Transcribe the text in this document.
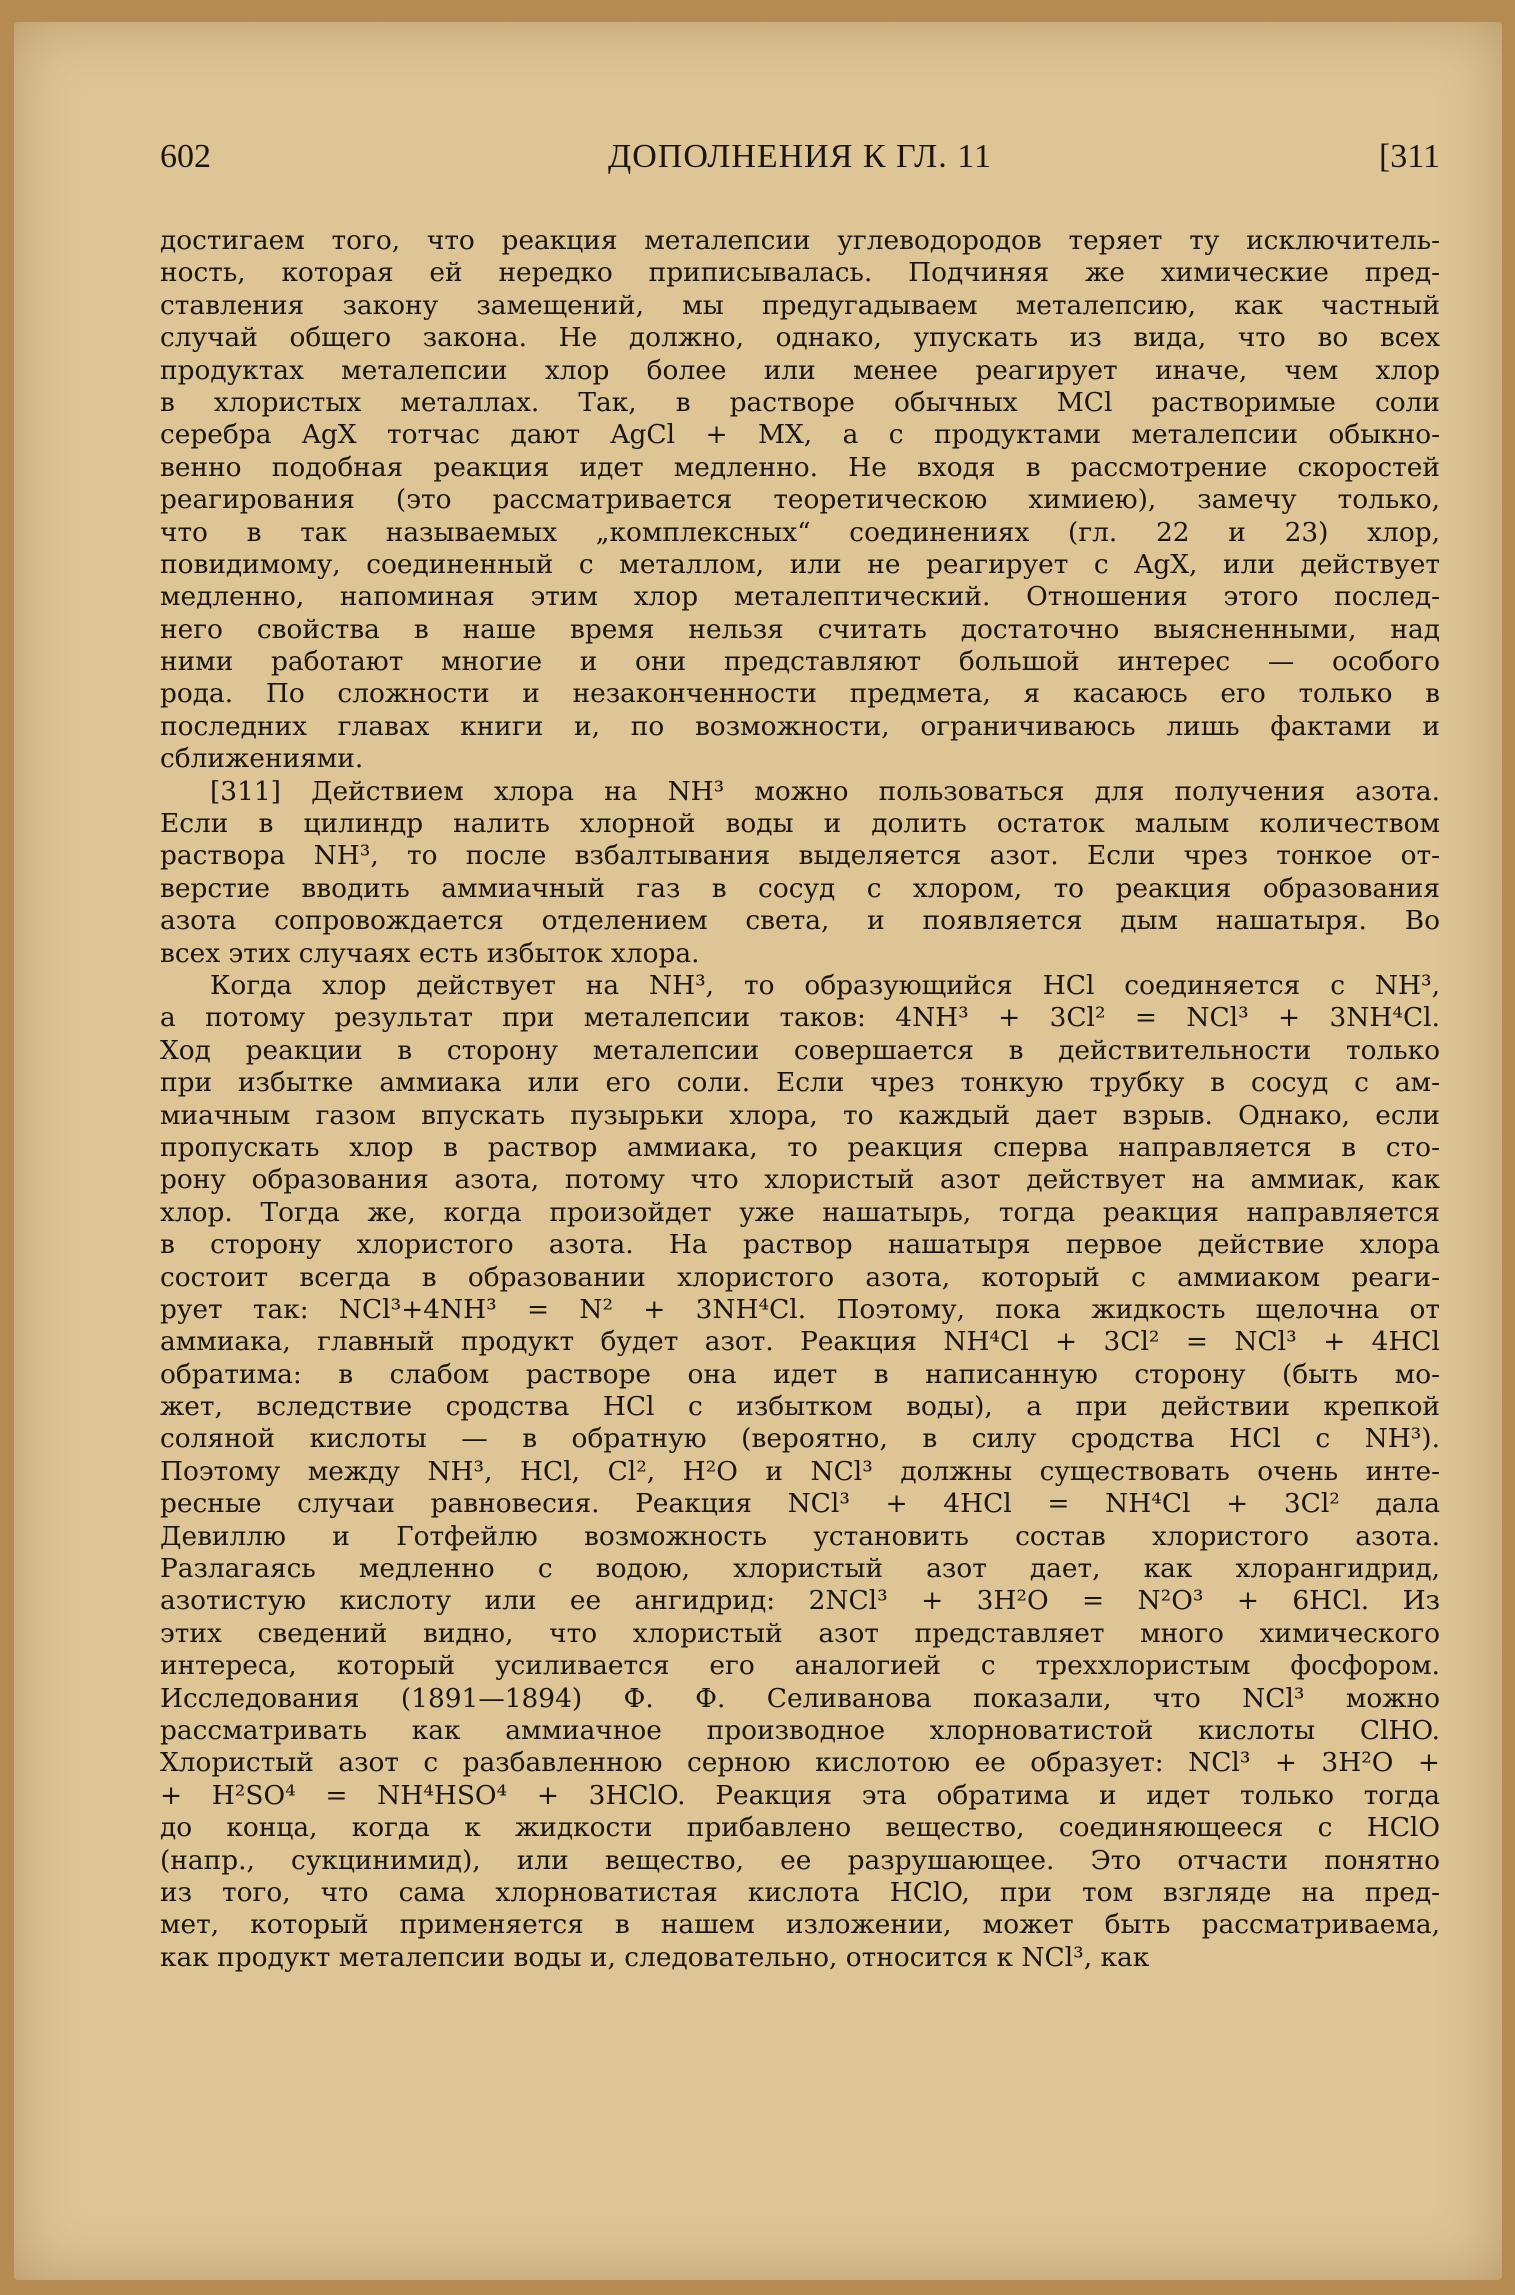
602	ДОПОЛНЕНИЯ К ГЛ. 11	[311

достигаем того, что реакция металепсии углеводородов теряет ту исключитель-
ность, которая ей нередко приписывалась. Подчиняя же химические пред-
ставления закону замещений, мы предугадываем металепсию, как частный
случай общего закона. Не должно, однако, упускать из вида, что во всех
продуктах металепсии хлор более или менее реагирует иначе, чем хлор
в хлористых металлах. Так, в растворе обычных MCl растворимые соли
серебра AgX тотчас дают AgCl + MX, а с продуктами металепсии обыкно-
венно подобная реакция идет медленно. Не входя в рассмотрение скоростей
реагирования (это рассматривается теоретическою химиею), замечу только,
что в так называемых „комплексных“ соединениях (гл. 22 и 23) хлор,
повидимому, соединенный с металлом, или не реагирует с AgX, или действует
медленно, напоминая этим хлор металептический. Отношения этого послед-
него свойства в наше время нельзя считать достаточно выясненными, над
ними работают многие и они представляют большой интерес — особого
рода. По сложности и незаконченности предмета, я касаюсь его только в
последних главах книги и, по возможности, ограничиваюсь лишь фактами и
сближениями.

[311] Действием хлора на NH³ можно пользоваться для получения азота.
Если в цилиндр налить хлорной воды и долить остаток малым количеством
раствора NH³, то после взбалтывания выделяется азот. Если чрез тонкое от-
верстие вводить аммиачный газ в сосуд с хлором, то реакция образования
азота сопровождается отделением света, и появляется дым нашатыря. Во
всех этих случаях есть избыток хлора.

Когда хлор действует на NH³, то образующийся HCl соединяется с NH³,
а потому результат при металепсии таков: 4NH³ + 3Cl² = NCl³ + 3NH⁴Cl.
Ход реакции в сторону металепсии совершается в действительности только
при избытке аммиака или его соли. Если чрез тонкую трубку в сосуд с ам-
миачным газом впускать пузырьки хлора, то каждый дает взрыв. Однако, если
пропускать хлор в раствор аммиака, то реакция сперва направляется в сто-
рону образования азота, потому что хлористый азот действует на аммиак, как
хлор. Тогда же, когда произойдет уже нашатырь, тогда реакция направляется
в сторону хлористого азота. На раствор нашатыря первое действие хлора
состоит всегда в образовании хлористого азота, который с аммиаком реаги-
рует так: NCl³+4NH³ = N² + 3NH⁴Cl. Поэтому, пока жидкость щелочна от
аммиака, главный продукт будет азот. Реакция NH⁴Cl + 3Cl² = NCl³ + 4HCl
обратима: в слабом растворе она идет в написанную сторону (быть мо-
жет, вследствие сродства HCl с избытком воды), а при действии крепкой
соляной кислоты — в обратную (вероятно, в силу сродства HCl с NH³).
Поэтому между NH³, HCl, Cl², H²O и NCl³ должны существовать очень инте-
ресные случаи равновесия. Реакция NCl³ + 4HCl = NH⁴Cl + 3Cl² дала
Девиллю и Готфейлю возможность установить состав хлористого азота.
Разлагаясь медленно с водою, хлористый азот дает, как хлорангидрид,
азотистую кислоту или ее ангидрид: 2NCl³ + 3H²O = N²O³ + 6HCl. Из
этих сведений видно, что хлористый азот представляет много химического
интереса, который усиливается его аналогией с треххлористым фосфором.
Исследования (1891—1894) Ф. Ф. Селиванова показали, что NCl³ можно
рассматривать как аммиачное производное хлорноватистой кислоты ClHO.
Хлористый азот с разбавленною серною кислотою ее образует: NCl³ + 3H²O +
+ H²SO⁴ = NH⁴HSO⁴ + 3HClO. Реакция эта обратима и идет только тогда
до конца, когда к жидкости прибавлено вещество, соединяющееся с HClO
(напр., сукцинимид), или вещество, ее разрушающее. Это отчасти понятно
из того, что сама хлорноватистая кислота HClO, при том взгляде на пред-
мет, который применяется в нашем изложении, может быть рассматриваема,
как продукт металепсии воды и, следовательно, относится к NCl³, как
